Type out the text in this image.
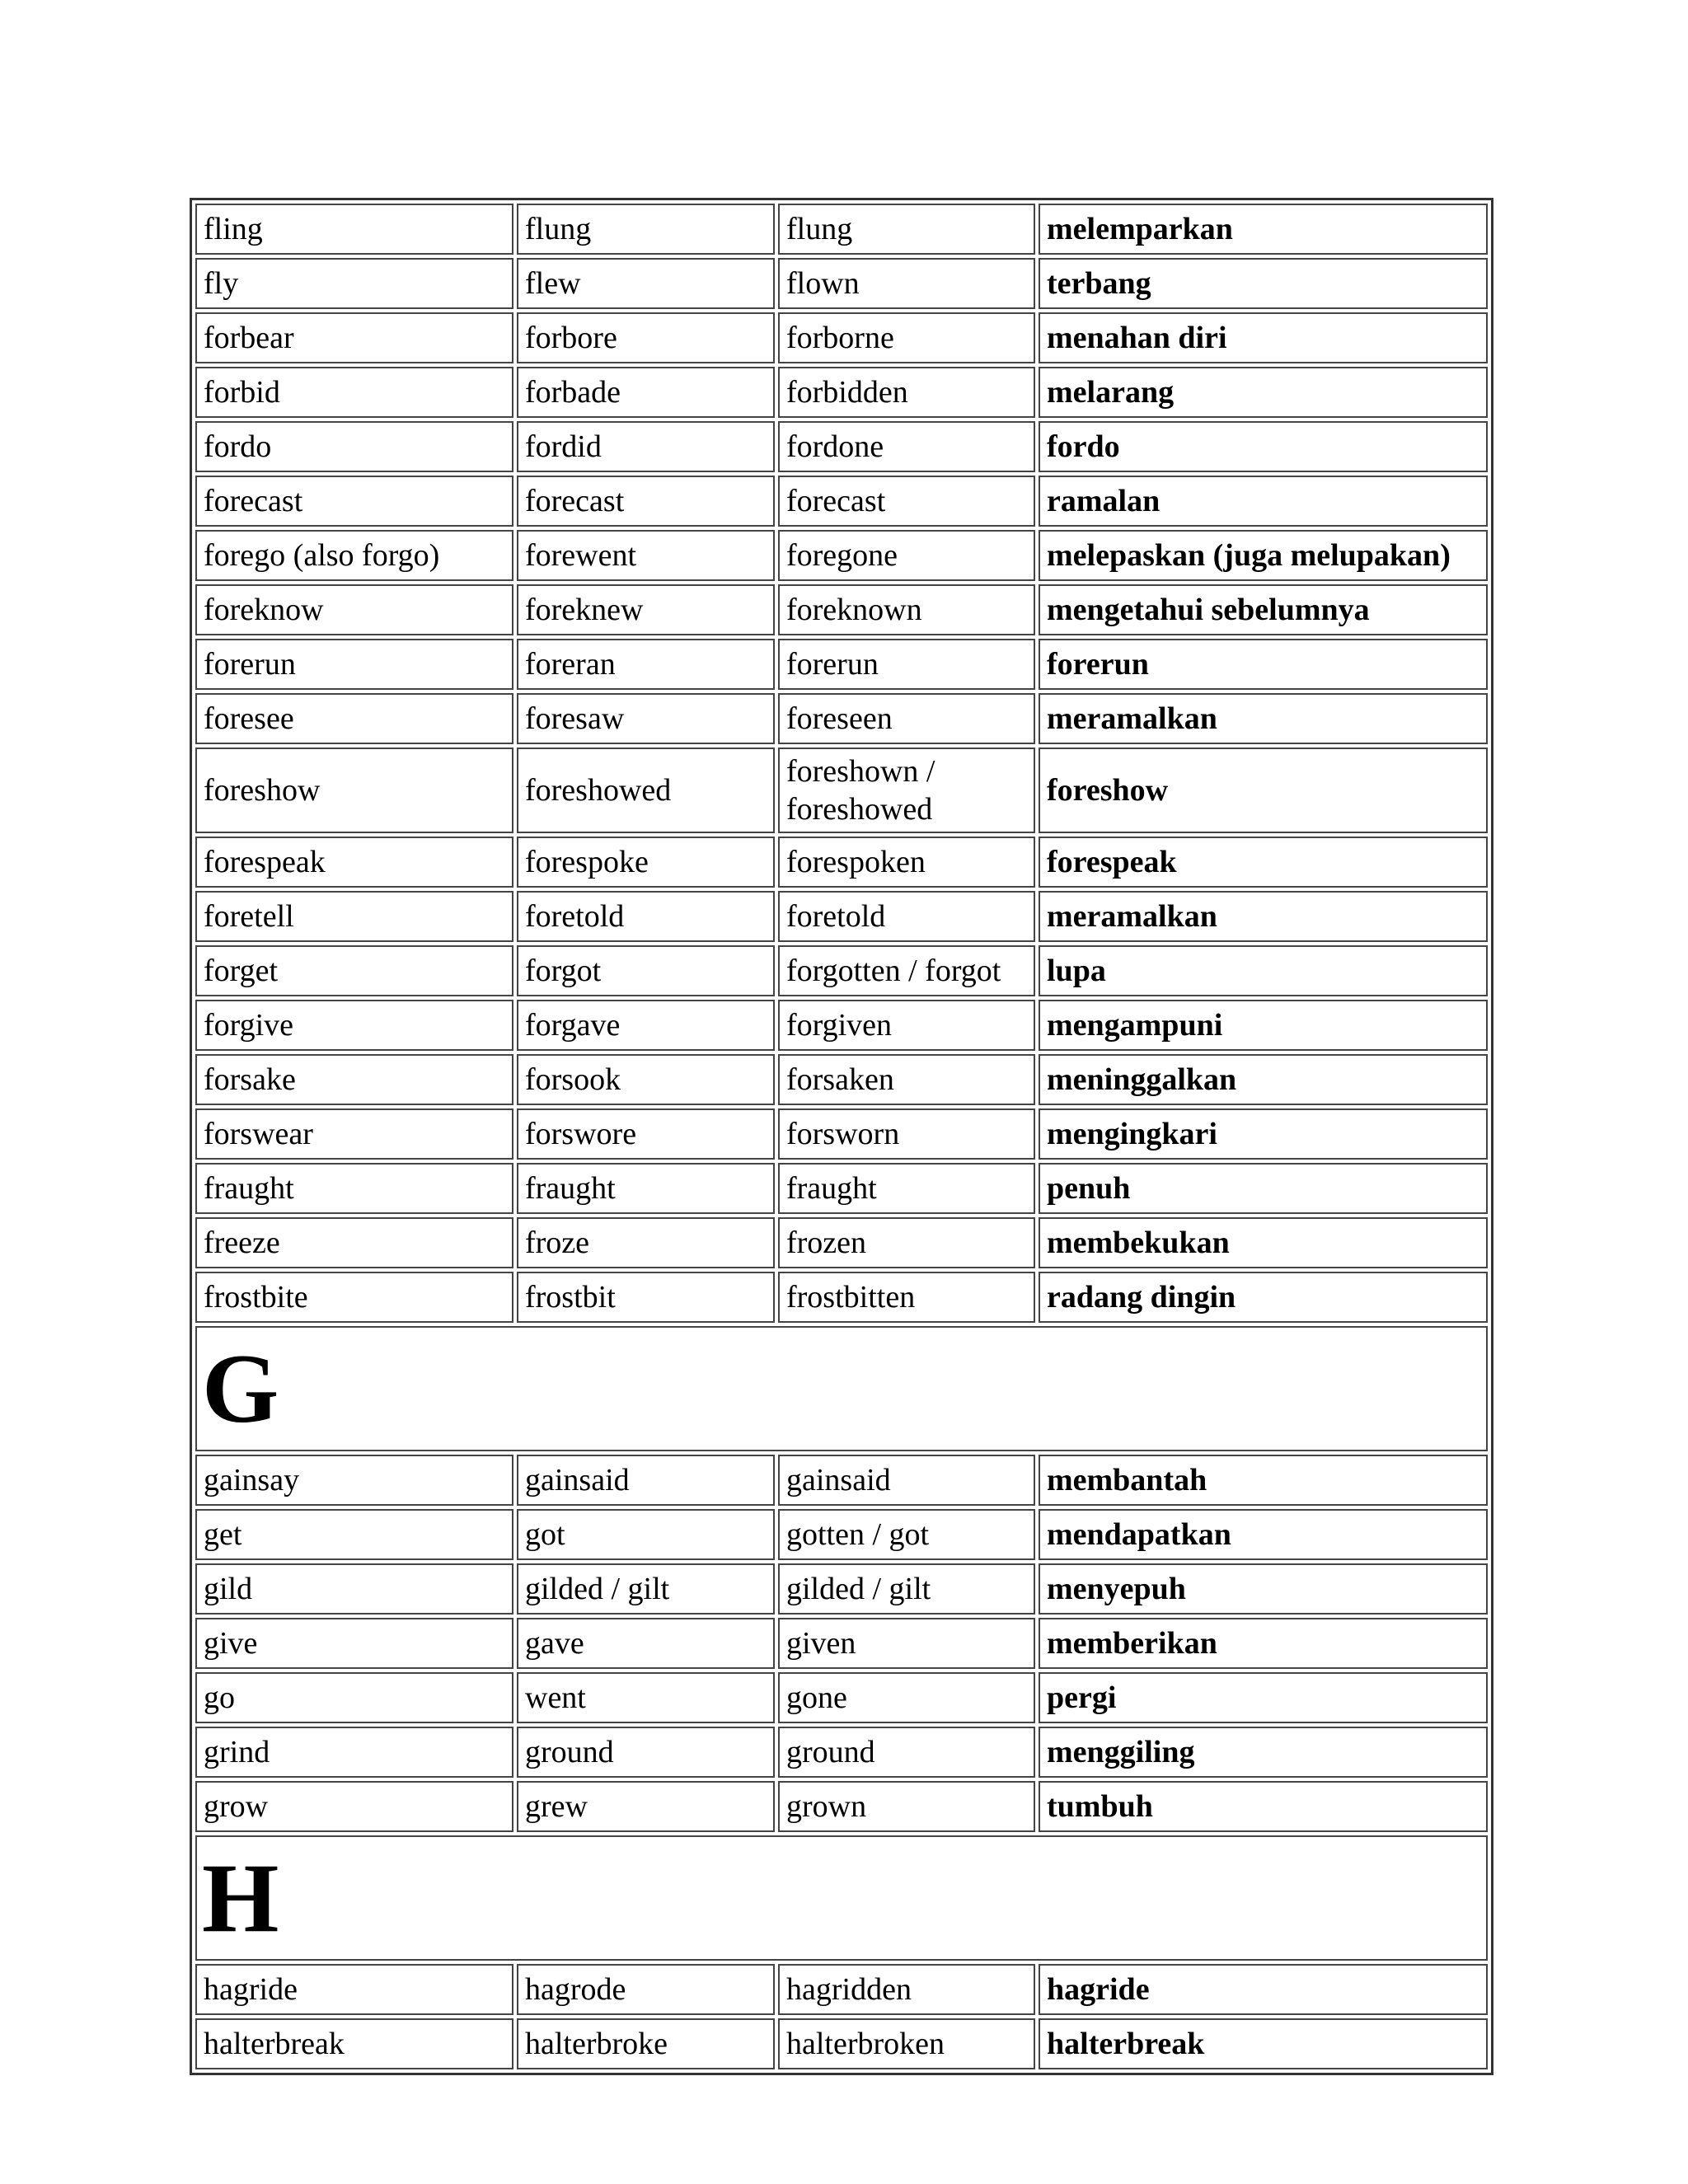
fling	flung	flung	melemparkan
fly	flew	flown	terbang
forbear	forbore	forborne	menahan diri
forbid	forbade	forbidden	melarang
fordo	fordid	fordone	fordo
forecast	forecast	forecast	ramalan
forego (also forgo)	forewent	foregone	melepaskan (juga melupakan)
foreknow	foreknew	foreknown	mengetahui sebelumnya
forerun	foreran	forerun	forerun
foresee	foresaw	foreseen	meramalkan
foreshow	foreshowed	foreshown / foreshowed	foreshow
forespeak	forespoke	forespoken	forespeak
foretell	foretold	foretold	meramalkan
forget	forgot	forgotten / forgot	lupa
forgive	forgave	forgiven	mengampuni
forsake	forsook	forsaken	meninggalkan
forswear	forswore	forsworn	mengingkari
fraught	fraught	fraught	penuh
freeze	froze	frozen	membekukan
frostbite	frostbit	frostbitten	radang dingin
G			
gainsay	gainsaid	gainsaid	membantah
get	got	gotten / got	mendapatkan
gild	gilded / gilt	gilded / gilt	menyepuh
give	gave	given	memberikan
go	went	gone	pergi
grind	ground	ground	menggiling
grow	grew	grown	tumbuh
H			
hagride	hagrode	hagridden	hagride
halterbreak	halterbroke	halterbroken	halterbreak
